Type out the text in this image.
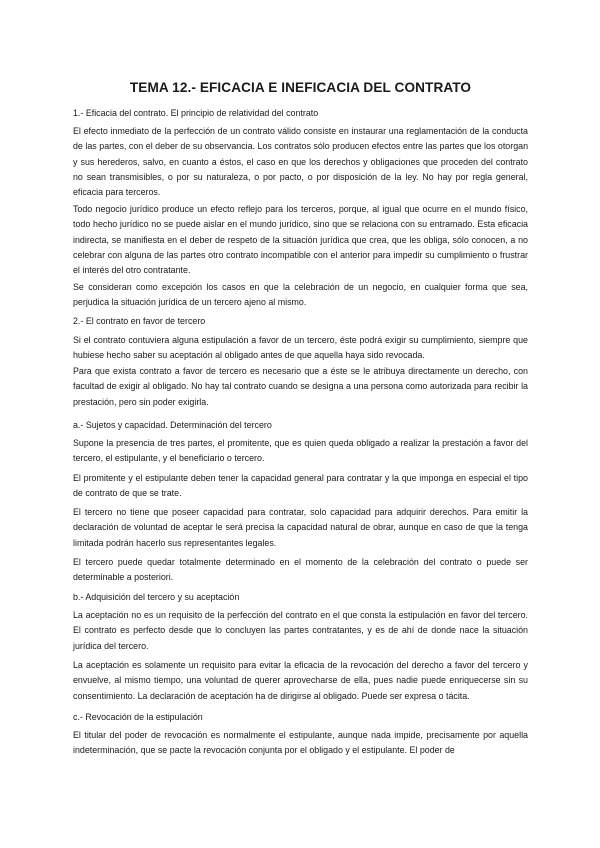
TEMA 12.- EFICACIA E INEFICACIA DEL CONTRATO

1.- Eficacia del contrato. El principio de relatividad del contrato

El efecto inmediato de la perfección de un contrato válido consiste en instaurar una reglamentación de la conducta de las partes, con el deber de su observancia. Los contratos sólo producen efectos entre las partes que los otorgan y sus herederos, salvo, en cuanto a éstos, el caso en que los derechos y obligaciones que proceden del contrato no sean transmisibles, o por su naturaleza, o por pacto, o por disposición de la ley. No hay por regla general, eficacia para terceros.

Todo negocio jurídico produce un efecto reflejo para los terceros, porque, al igual que ocurre en el mundo físico, todo hecho jurídico no se puede aislar en el mundo jurídico, sino que se relaciona con su entramado. Esta eficacia indirecta, se manifiesta en el deber de respeto de la situación jurídica que crea, que les obliga, sólo conocen, a no celebrar con alguna de las partes otro contrato incompatible con el anterior para impedir su cumplimiento o frustrar el interés del otro contratante.

Se consideran como excepción los casos en que la celebración de un negocio, en cualquier forma que sea, perjudica la situación jurídica de un tercero ajeno al mismo.

2.- El contrato en favor de tercero

Si el contrato contuviera alguna estipulación a favor de un tercero, éste podrá exigir su cumplimiento, siempre que hubiese hecho saber su aceptación al obligado antes de que aquella haya sido revocada.

Para que exista contrato a favor de tercero es necesario que a éste se le atribuya directamente un derecho, con facultad de exigir al obligado. No hay tal contrato cuando se designa a una persona como autorizada para recibir la prestación, pero sin poder exigirla.

a.- Sujetos y capacidad. Determinación del tercero

Supone la presencia de tres partes, el promitente, que es quien queda obligado a realizar la prestación a favor del tercero, el estipulante, y el beneficiario o tercero.

El promitente y el estipulante deben tener la capacidad general para contratar y la que imponga en especial el tipo de contrato de que se trate.

El tercero no tiene que poseer capacidad para contratar, solo capacidad para adquirir derechos. Para emitir la declaración de voluntad de aceptar le será precisa la capacidad natural de obrar, aunque en caso de que la tenga limitada podrán hacerlo sus representantes legales.

El tercero puede quedar totalmente determinado en el momento de la celebración del contrato o puede ser determinable a posteriori.

b.- Adquisición del tercero y su aceptación

La aceptación no es un requisito de la perfección del contrato en el que consta la estipulación en favor del tercero. El contrato es perfecto desde que lo concluyen las partes contratantes, y es de ahí de donde nace la situación jurídica del tercero.

La aceptación es solamente un requisito para evitar la eficacia de la revocación del derecho a favor del tercero y envuelve, al mismo tiempo, una voluntad de querer aprovecharse de ella, pues nadie puede enriquecerse sin su consentimiento. La declaración de aceptación ha de dirigirse al obligado. Puede ser expresa o tácita.

c.- Revocación de la estipulación

El titular del poder de revocación es normalmente el estipulante, aunque nada impide, precisamente por aquella indeterminación, que se pacte la revocación conjunta por el obligado y el estipulante. El poder de
